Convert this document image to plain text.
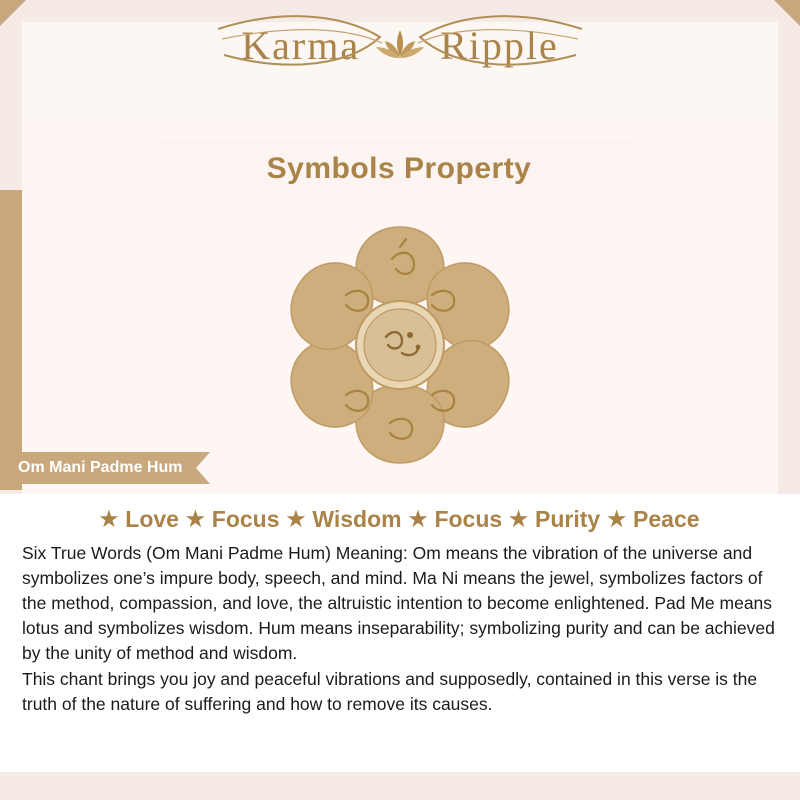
Karma Ripple
Symbols Property
Om Mani Padme Hum
★ Love ★ Focus ★ Wisdom ★ Focus ★ Purity ★ Peace

Six True Words (Om Mani Padme Hum) Meaning: Om means the vibration of the universe and symbolizes one’s impure body, speech, and mind. Ma Ni means the jewel, symbolizes factors of the method, compassion, and love, the altruistic intention to become enlightened. Pad Me means lotus and symbolizes wisdom. Hum means inseparability; symbolizing purity and can be achieved by the unity of method and wisdom.

This chant brings you joy and peaceful vibrations and supposedly, contained in this verse is the truth of the nature of suffering and how to remove its causes.
